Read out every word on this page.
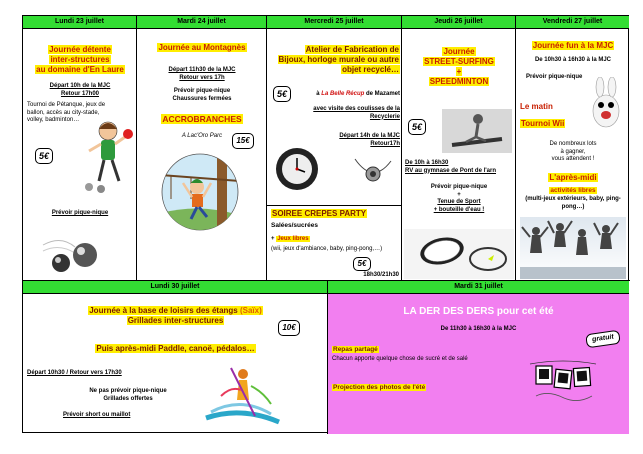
Lundi 23 juillet	Mardi 24 juillet	Mercredi 25 juillet	Jeudi 26 juillet	Vendredi 27 juillet
Journée détente
inter-structures
au domaine d'En Laure
Départ 10h de la MJC
Retour 17h00
Tournoi de Pétanque, jeux de ballon, accès au city-stade, volley, badminton…
5€
Prévoir pique-nique
Journée au Montagnès
Départ 11h30 de la MJC
Retour vers 17h
Prévoir pique-nique
Chaussures fermées
ACCROBRANCHES
A Lac'Oro Parc	15€
Atelier de Fabrication de
Bijoux, horloge murale ou autre
objet recyclé…
5€	à La Belle Récup de Mazamet
avec visite des coulisses de la
Recyclerie
Départ 14h de la MJC
Retour17h
SOIREE CREPES PARTY
Salées/sucrées
+ Jeux libres
(wii, jeux d'ambiance, baby, ping-pong,…)
5€
18h30/21h30
Journée
STREET-SURFING
+
SPEEDMINTON
5€
De 10h à 16h30
RV au gymnase de Pont de l'arn
Prévoir pique-nique
+
Tenue de Sport
+ bouteille d'eau !
Journée fun à la MJC
De 10h30 à 16h30 à la MJC
Prévoir pique-nique
Le matin
Tournoi Wii
De nombreux lots
à gagner,
vous attendent !
L'après-midi
activités libres
(multi-jeux extérieurs, baby, ping-pong…)
Lundi 30 juillet	Mardi 31 juillet
Journée à la base de loisirs des étangs (Saïx)
Grillades inter-structures
10€
Puis après-midi Paddle, canoë, pédalos…
Départ 10h30 / Retour vers 17h30
Ne pas prévoir pique-nique
Grillades offertes
Prévoir short ou maillot
LA DER DES DERS pour cet été
gratuit
De 11h30 à 16h30 à la MJC
Repas partagé
Chacun apporte quelque chose de sucré et de salé
Projection des photos de l'été
